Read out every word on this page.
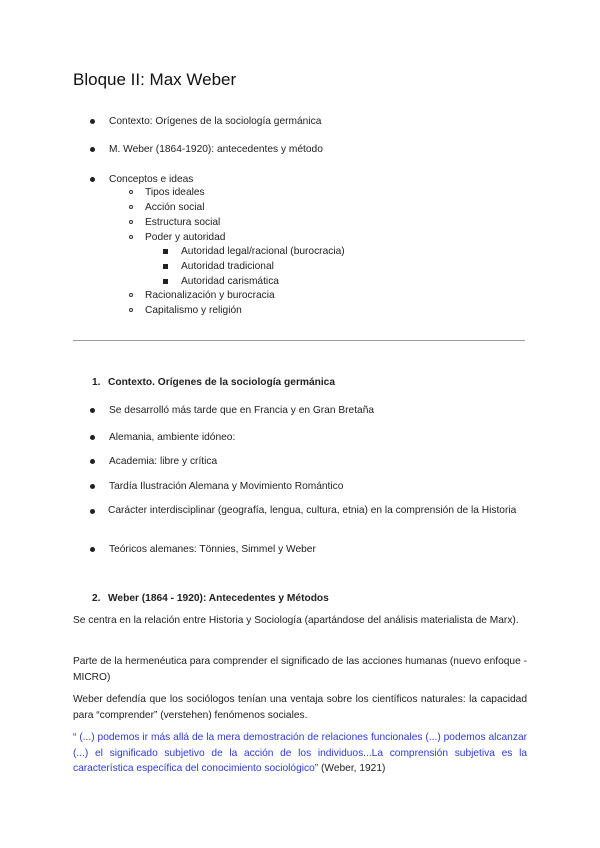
Bloque II: Max Weber
Contexto: Orígenes de la sociología germánica
M. Weber (1864-1920): antecedentes y método
Conceptos e ideas
Tipos ideales
Acción social
Estructura social
Poder y autoridad
Autoridad legal/racional (burocracia)
Autoridad tradicional
Autoridad carismática
Racionalización y burocracia
Capitalismo y religión
1. Contexto. Orígenes de la sociología germánica
Se desarrolló más tarde que en Francia y en Gran Bretaña
Alemania, ambiente idóneo:
Academia: libre y crítica
Tardía Ilustración Alemana y Movimiento Romántico
Carácter interdisciplinar (geografía, lengua, cultura, etnia) en la comprensión de la Historia
Teóricos alemanes: Tönnies, Simmel y Weber
2. Weber (1864 - 1920): Antecedentes y Métodos

Se centra en la relación entre Historia y Sociología (apartándose del análisis materialista de Marx).

Parte de la hermenéutica para comprender el significado de las acciones humanas (nuevo enfoque - MICRO)

Weber defendía que los sociólogos tenían una ventaja sobre los científicos naturales: la capacidad para “comprender” (verstehen) fenómenos sociales.

“ (...) podemos ir más allá de la mera demostración de relaciones funcionales (...) podemos alcanzar (...) el significado subjetivo de la acción de los individuos...La comprensión subjetiva es la característica específica del conocimiento sociológico” (Weber, 1921)
